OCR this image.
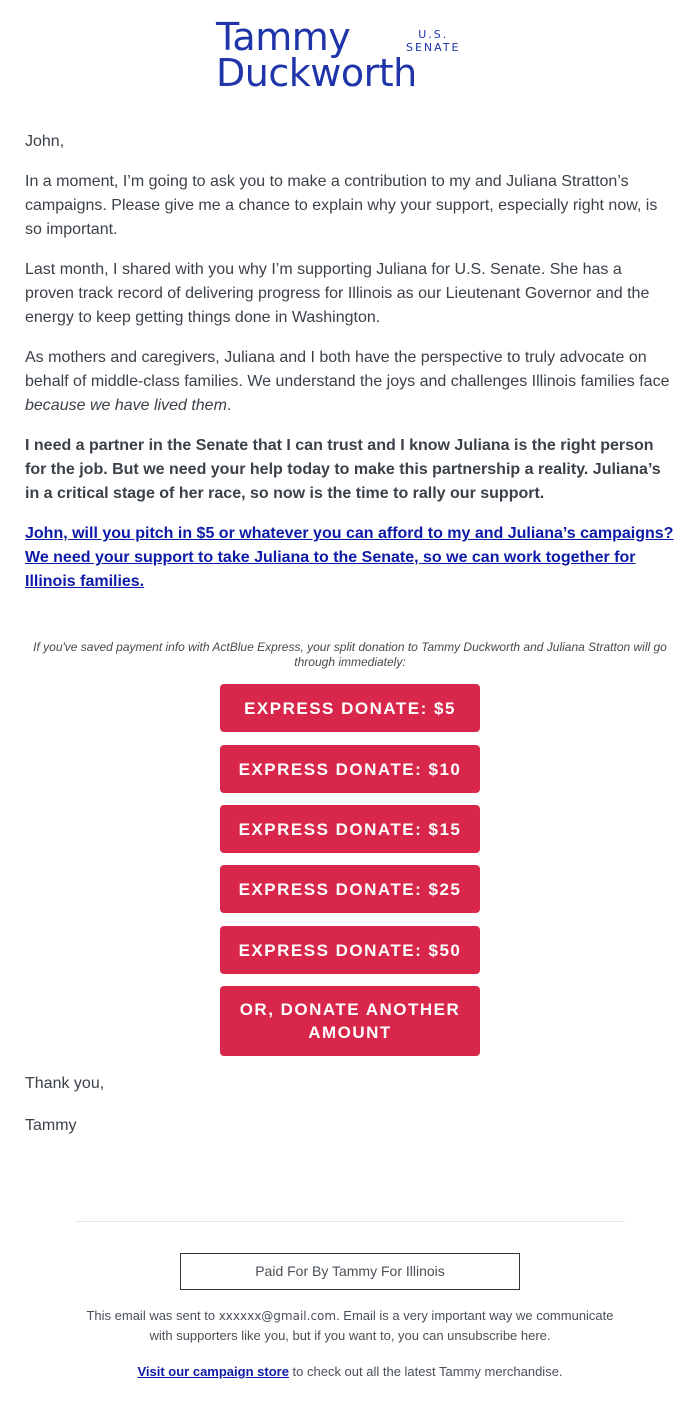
Tammy
Duckworth
U.S.
SENATE

John,

In a moment, I’m going to ask you to make a contribution to my and Juliana Stratton’s campaigns. Please give me a chance to explain why your support, especially right now, is so important.

Last month, I shared with you why I’m supporting Juliana for U.S. Senate. She has a proven track record of delivering progress for Illinois as our Lieutenant Governor and the energy to keep getting things done in Washington.

As mothers and caregivers, Juliana and I both have the perspective to truly advocate on behalf of middle-class families. We understand the joys and challenges Illinois families face because we have lived them.

I need a partner in the Senate that I can trust and I know Juliana is the right person for the job. But we need your help today to make this partnership a reality. Juliana’s in a critical stage of her race, so now is the time to rally our support.

John, will you pitch in $5 or whatever you can afford to my and Juliana’s campaigns? We need your support to take Juliana to the Senate, so we can work together for Illinois families.

If you've saved payment info with ActBlue Express, your split donation to Tammy Duckworth and Juliana Stratton will go through immediately:
EXPRESS DONATE: $5
EXPRESS DONATE: $10
EXPRESS DONATE: $15
EXPRESS DONATE: $25
EXPRESS DONATE: $50
OR, DONATE ANOTHER AMOUNT
Thank you,
Tammy
Paid For By Tammy For Illinois
This email was sent to xxxxxx@gmail.com. Email is a very important way we communicate with supporters like you, but if you want to, you can unsubscribe here.
Visit our campaign store to check out all the latest Tammy merchandise.
